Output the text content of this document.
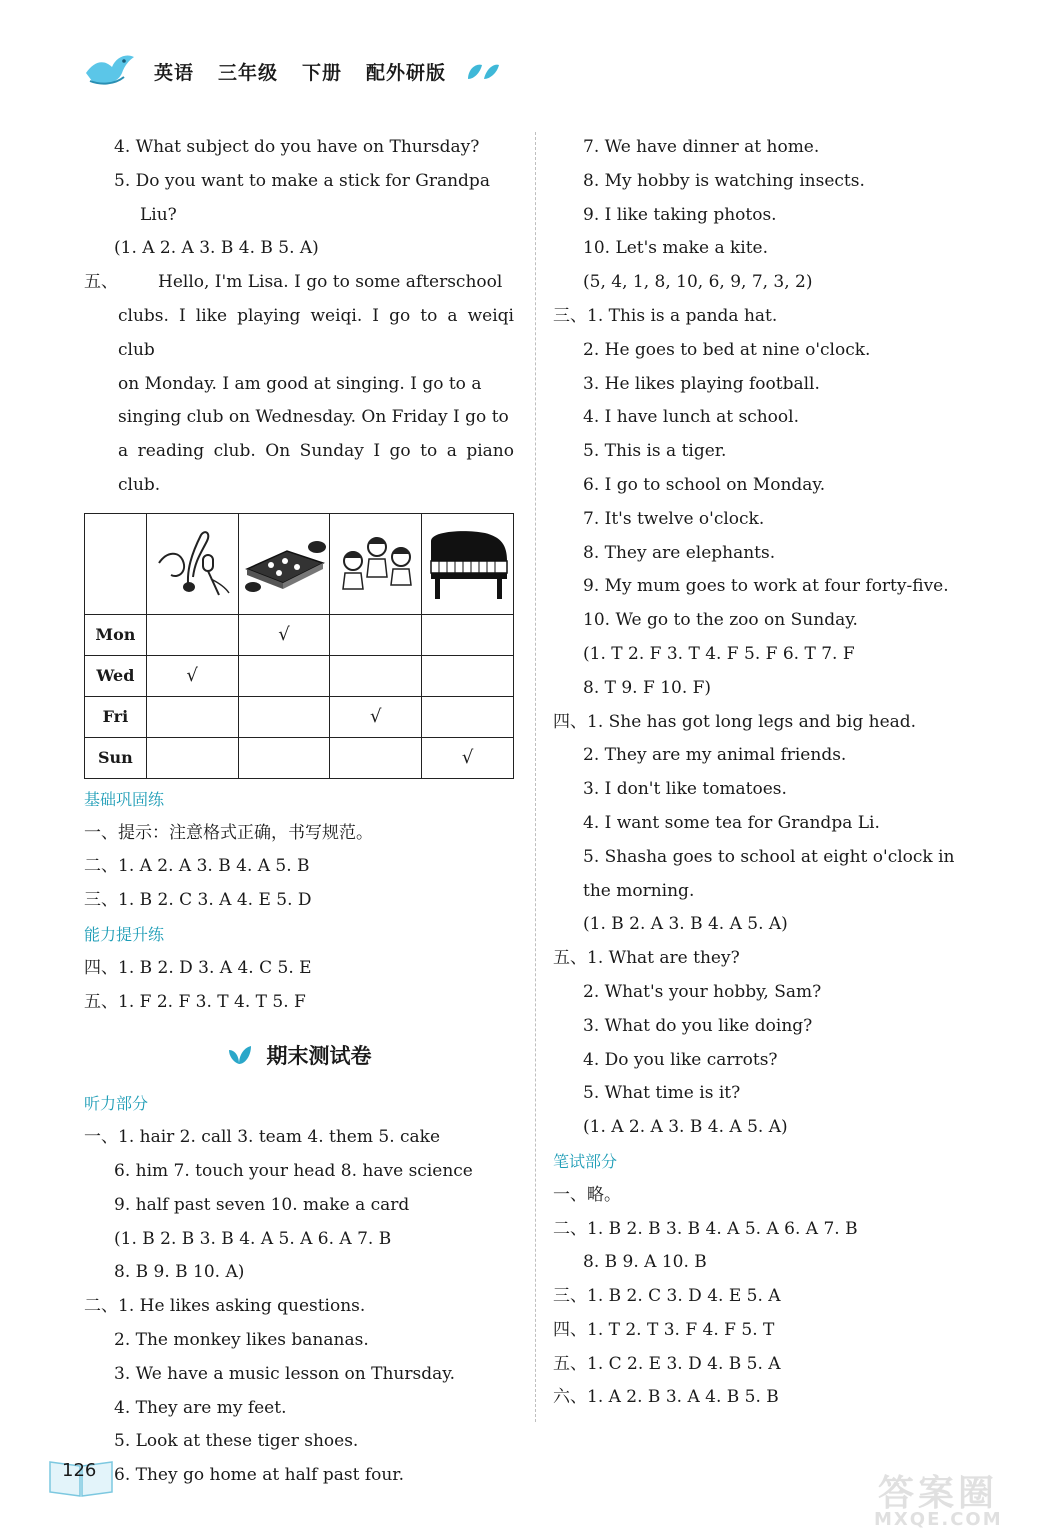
英语 三年级 下册 配外研版
4. What subject do you have on Thursday?
5. Do you want to make a stick for Grandpa
Liu?
(1. A 2. A 3. B 4. B 5. A)
五、 Hello, I'm Lisa. I go to some afterschool
clubs. I like playing weiqi. I go to a weiqi club
on Monday. I am good at singing. I go to a
singing club on Wednesday. On Friday I go to
a reading club. On Sunday I go to a piano club.

Mon		√		
Wed	√			
Fri			√	
Sun				√
基础巩固练
一、提示：注意格式正确，书写规范。
二、1. A 2. A 3. B 4. A 5. B
三、1. B 2. C 3. A 4. E 5. D
能力提升练
四、1. B 2. D 3. A 4. C 5. E
五、1. F 2. F 3. T 4. T 5. F
期末测试卷
听力部分
一、1. hair 2. call 3. team 4. them 5. cake
6. him 7. touch your head 8. have science
9. half past seven 10. make a card
(1. B 2. B 3. B 4. A 5. A 6. A 7. B
8. B 9. B 10. A)
二、1. He likes asking questions.
2. The monkey likes bananas.
3. We have a music lesson on Thursday.
4. They are my feet.
5. Look at these tiger shoes.
6. They go home at half past four.
7. We have dinner at home.
8. My hobby is watching insects.
9. I like taking photos.
10. Let's make a kite.
(5, 4, 1, 8, 10, 6, 9, 7, 3, 2)
三、1. This is a panda hat.
2. He goes to bed at nine o'clock.
3. He likes playing football.
4. I have lunch at school.
5. This is a tiger.
6. I go to school on Monday.
7. It's twelve o'clock.
8. They are elephants.
9. My mum goes to work at four forty-five.
10. We go to the zoo on Sunday.
(1. T 2. F 3. T 4. F 5. F 6. T 7. F
8. T 9. F 10. F)
四、1. She has got long legs and big head.
2. They are my animal friends.
3. I don't like tomatoes.
4. I want some tea for Grandpa Li.
5. Shasha goes to school at eight o'clock in
the morning.
(1. B 2. A 3. B 4. A 5. A)
五、1. What are they?
2. What's your hobby, Sam?
3. What do you like doing?
4. Do you like carrots?
5. What time is it?
(1. A 2. A 3. B 4. A 5. A)
笔试部分
一、略。
二、1. B 2. B 3. B 4. A 5. A 6. A 7. B
8. B 9. A 10. B
三、1. B 2. C 3. D 4. E 5. A
四、1. T 2. T 3. F 4. F 5. T
五、1. C 2. E 3. D 4. B 5. A
六、1. A 2. B 3. A 4. B 5. B
126
答案圈
MXQE.COM
